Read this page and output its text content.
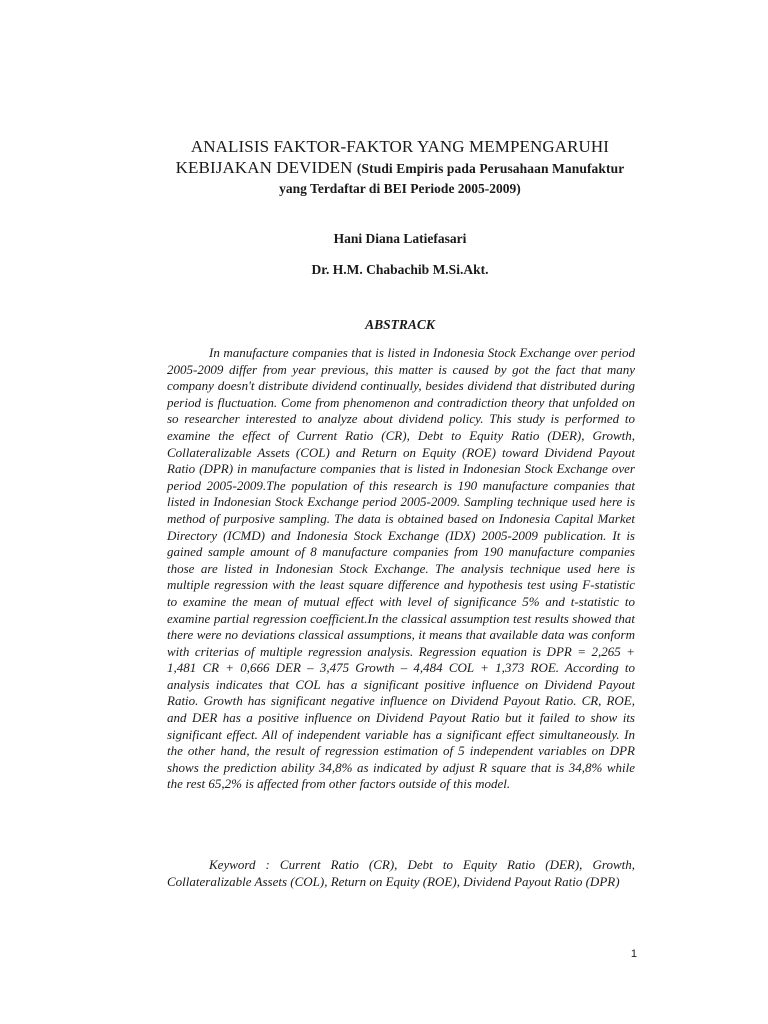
ANALISIS FAKTOR-FAKTOR YANG MEMPENGARUHI
KEBIJAKAN DEVIDEN (Studi Empiris pada Perusahaan Manufaktur
yang Terdaftar di BEI Periode 2005-2009)
Hani Diana Latiefasari
Dr. H.M. Chabachib M.Si.Akt.
ABSTRACK

In manufacture companies that is listed in Indonesia Stock Exchange over period 2005-2009 differ from year previous, this matter is caused by got the fact that many company doesn't distribute dividend continually, besides dividend that distributed during period is fluctuation. Come from phenomenon and contradiction theory that unfolded on so researcher interested to analyze about dividend policy. This study is performed to examine the effect of Current Ratio (CR), Debt to Equity Ratio (DER), Growth, Collateralizable Assets (COL) and Return on Equity (ROE) toward Dividend Payout Ratio (DPR) in manufacture companies that is listed in Indonesian Stock Exchange over period 2005-2009.The population of this research is 190 manufacture companies that listed in Indonesian Stock Exchange period 2005-2009. Sampling technique used here is method of purposive sampling. The data is obtained based on Indonesia Capital Market Directory (ICMD) and Indonesia Stock Exchange (IDX) 2005-2009 publication. It is gained sample amount of 8 manufacture companies from 190 manufacture companies those are listed in Indonesian Stock Exchange. The analysis technique used here is multiple regression with the least square difference and hypothesis test using F-statistic to examine the mean of mutual effect with level of significance 5% and t-statistic to examine partial regression coefficient.In the classical assumption test results showed that there were no deviations classical assumptions, it means that available data was conform with criterias of multiple regression analysis. Regression equation is DPR = 2,265 + 1,481 CR + 0,666 DER – 3,475 Growth – 4,484 COL + 1,373 ROE. According to analysis indicates that COL has a significant positive influence on Dividend Payout Ratio. Growth has significant negative influence on Dividend Payout Ratio. CR, ROE, and DER has a positive influence on Dividend Payout Ratio but it failed to show its significant effect. All of independent variable has a significant effect simultaneously. In the other hand, the result of regression estimation of 5 independent variables on DPR shows the prediction ability 34,8% as indicated by adjust R square that is 34,8% while the rest 65,2% is affected from other factors outside of this model.

Keyword : Current Ratio (CR), Debt to Equity Ratio (DER), Growth, Collateralizable Assets (COL), Return on Equity (ROE), Dividend Payout Ratio (DPR)

1
